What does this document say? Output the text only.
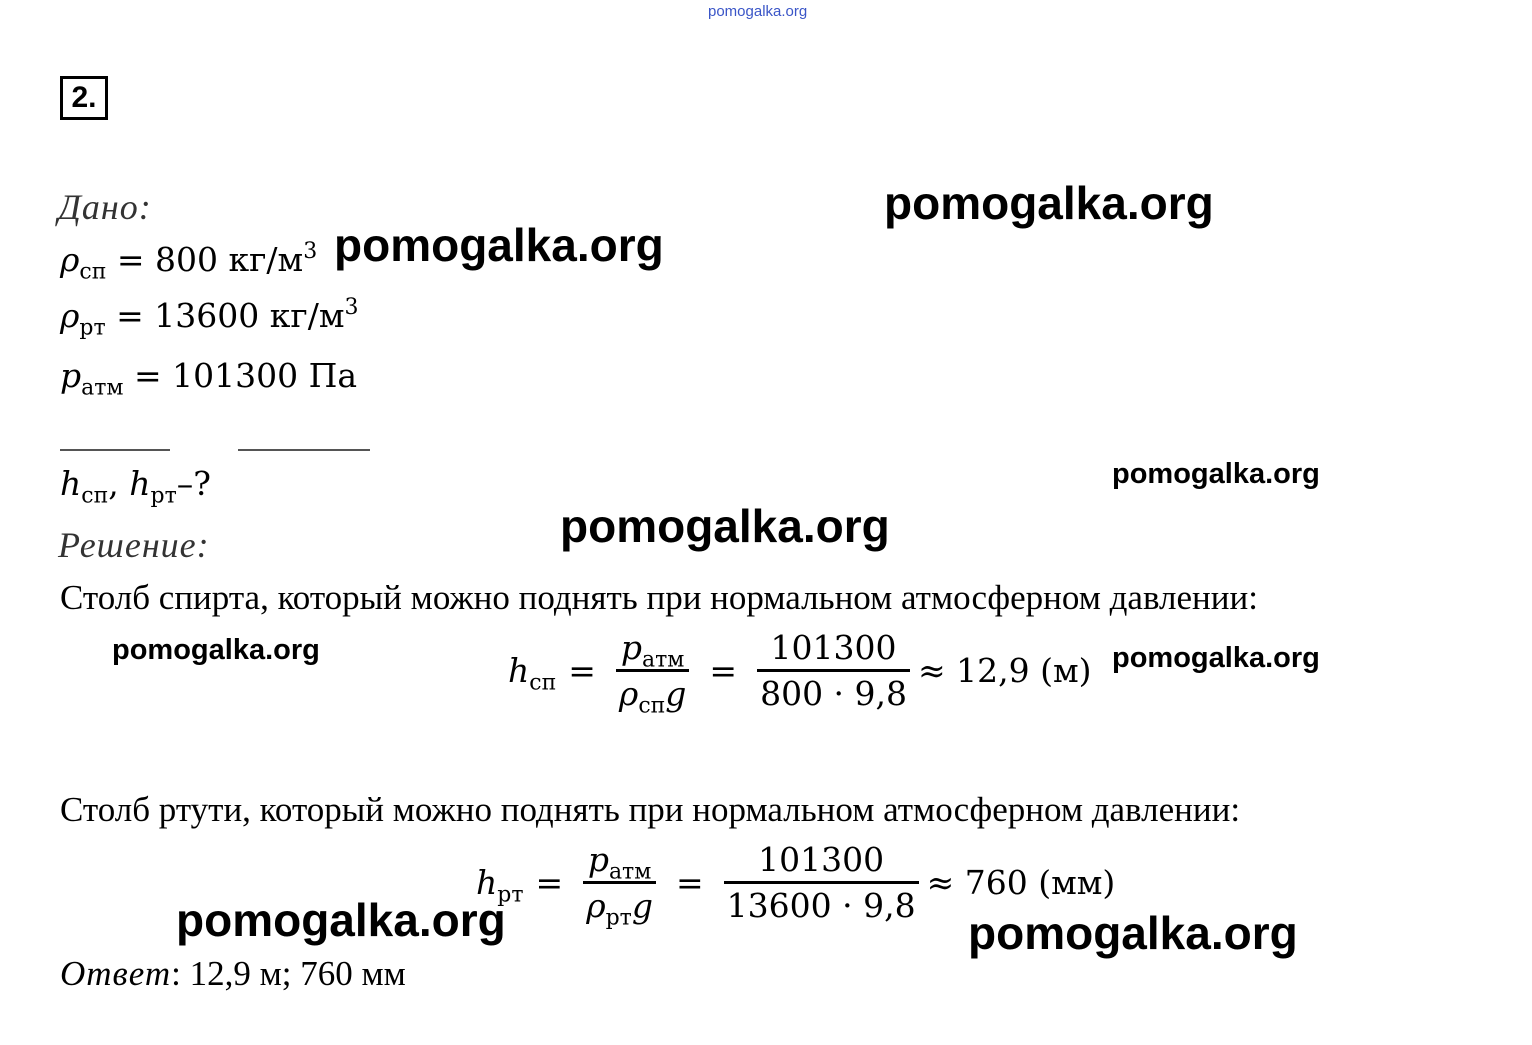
pomogalka.org
2.
Дано:
$\rho_{сп} = 800$ $кг/м^3$
$\rho_{рт} = 13600$ $кг/м^3$
$p_{атм} = 101300$ Па
$h_{сп}$, $h_{рт}-$?
Решение:
Столб спирта, который можно поднять при нормальном атмосферном давлении:
$h_{сп} = \frac{p_{атм}}{\rho_{сп}g} = \frac{101300}{800 \cdot 9,8} \approx 12,9$ (м)
Столб ртути, который можно поднять при нормальном атмосферном давлении:
$h_{рт} = \frac{p_{атм}}{\rho_{рт}g} = \frac{101300}{13600 \cdot 9,8} \approx 760$ (мм)
Ответ: 12,9 м; 760 мм
pomogalka.org
pomogalka.org
pomogalka.org
pomogalka.org
pomogalka.org	pomogalka.org
pomogalka.org	pomogalka.org
